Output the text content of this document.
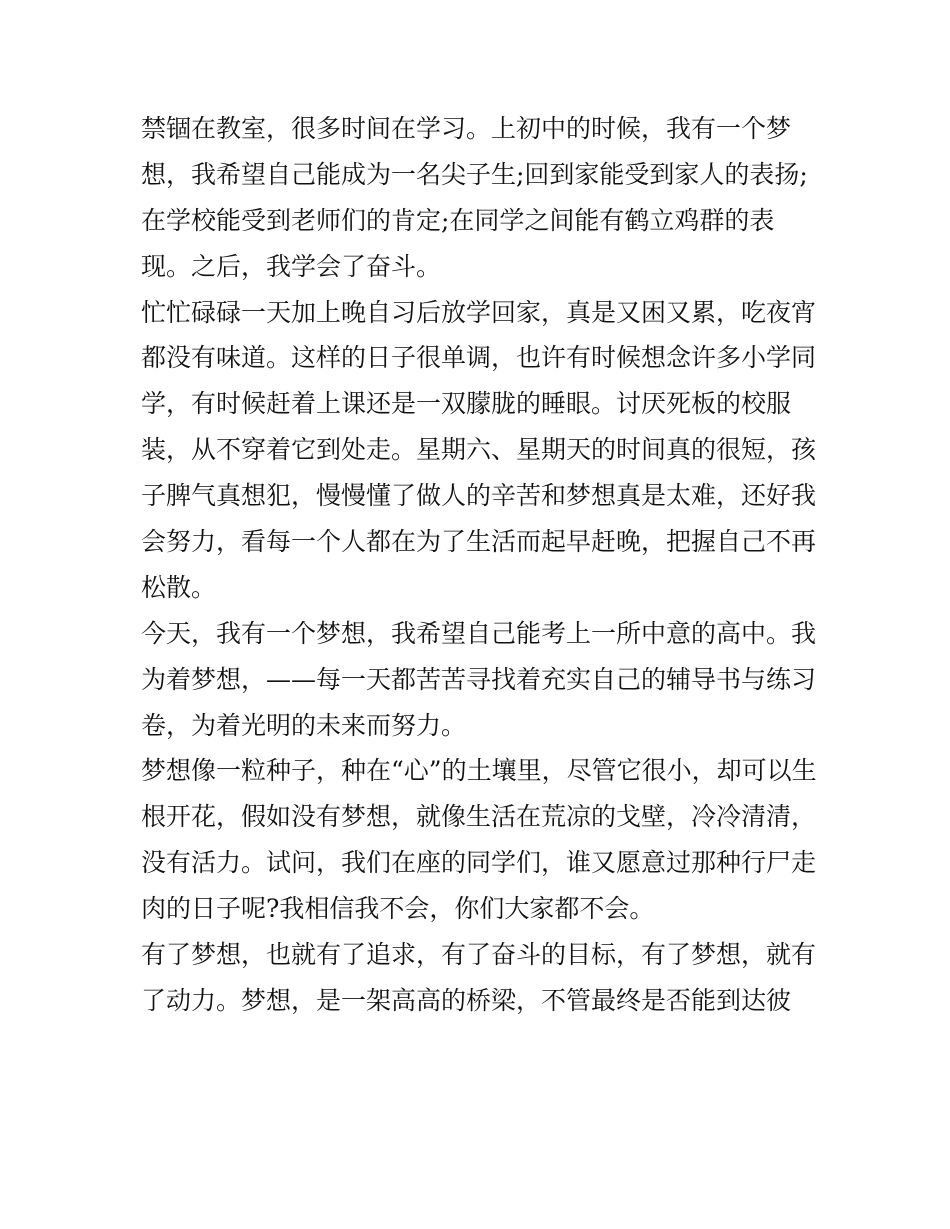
禁锢在教室，很多时间在学习。上初中的时候，我有一个梦
想，我希望自己能成为一名尖子生;回到家能受到家人的表扬;
在学校能受到老师们的肯定;在同学之间能有鹤立鸡群的表
现。之后，我学会了奋斗。
忙忙碌碌一天加上晚自习后放学回家，真是又困又累，吃夜宵
都没有味道。这样的日子很单调，也许有时候想念许多小学同
学，有时候赶着上课还是一双朦胧的睡眼。讨厌死板的校服
装，从不穿着它到处走。星期六、星期天的时间真的很短，孩
子脾气真想犯，慢慢懂了做人的辛苦和梦想真是太难，还好我
会努力，看每一个人都在为了生活而起早赶晚，把握自己不再
松散。
今天，我有一个梦想，我希望自己能考上一所中意的高中。我
为着梦想，——每一天都苦苦寻找着充实自己的辅导书与练习
卷，为着光明的未来而努力。
梦想像一粒种子，种在“心”的土壤里，尽管它很小，却可以生
根开花，假如没有梦想，就像生活在荒凉的戈壁，冷冷清清，
没有活力。试问，我们在座的同学们，谁又愿意过那种行尸走
肉的日子呢?我相信我不会，你们大家都不会。
有了梦想，也就有了追求，有了奋斗的目标，有了梦想，就有
了动力。梦想，是一架高高的桥梁，不管最终是否能到达彼
